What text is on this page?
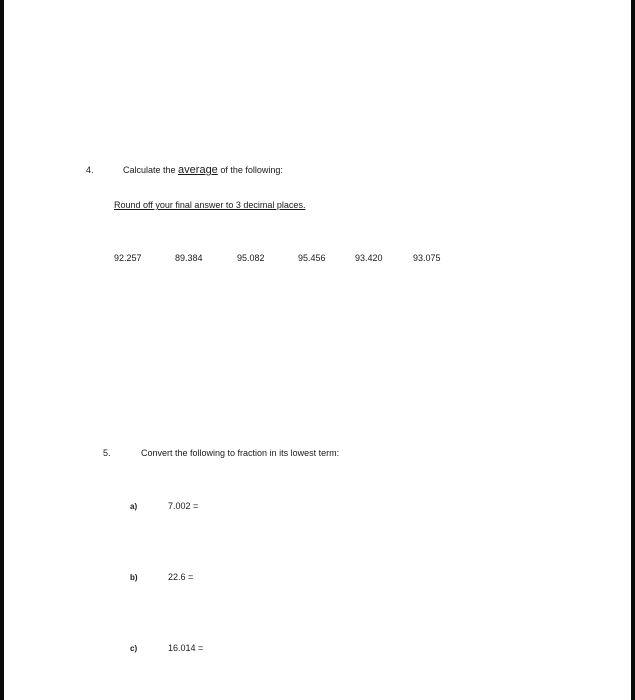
4.	Calculate the average of the following:
Round off your final answer to 3 decimal places.
92.257	89.384	95.082	95.456	93.420	93.075
5.	Convert the following to fraction in its lowest term:
a)	7.002 =
b)	22.6 =
c)	16.014 =
